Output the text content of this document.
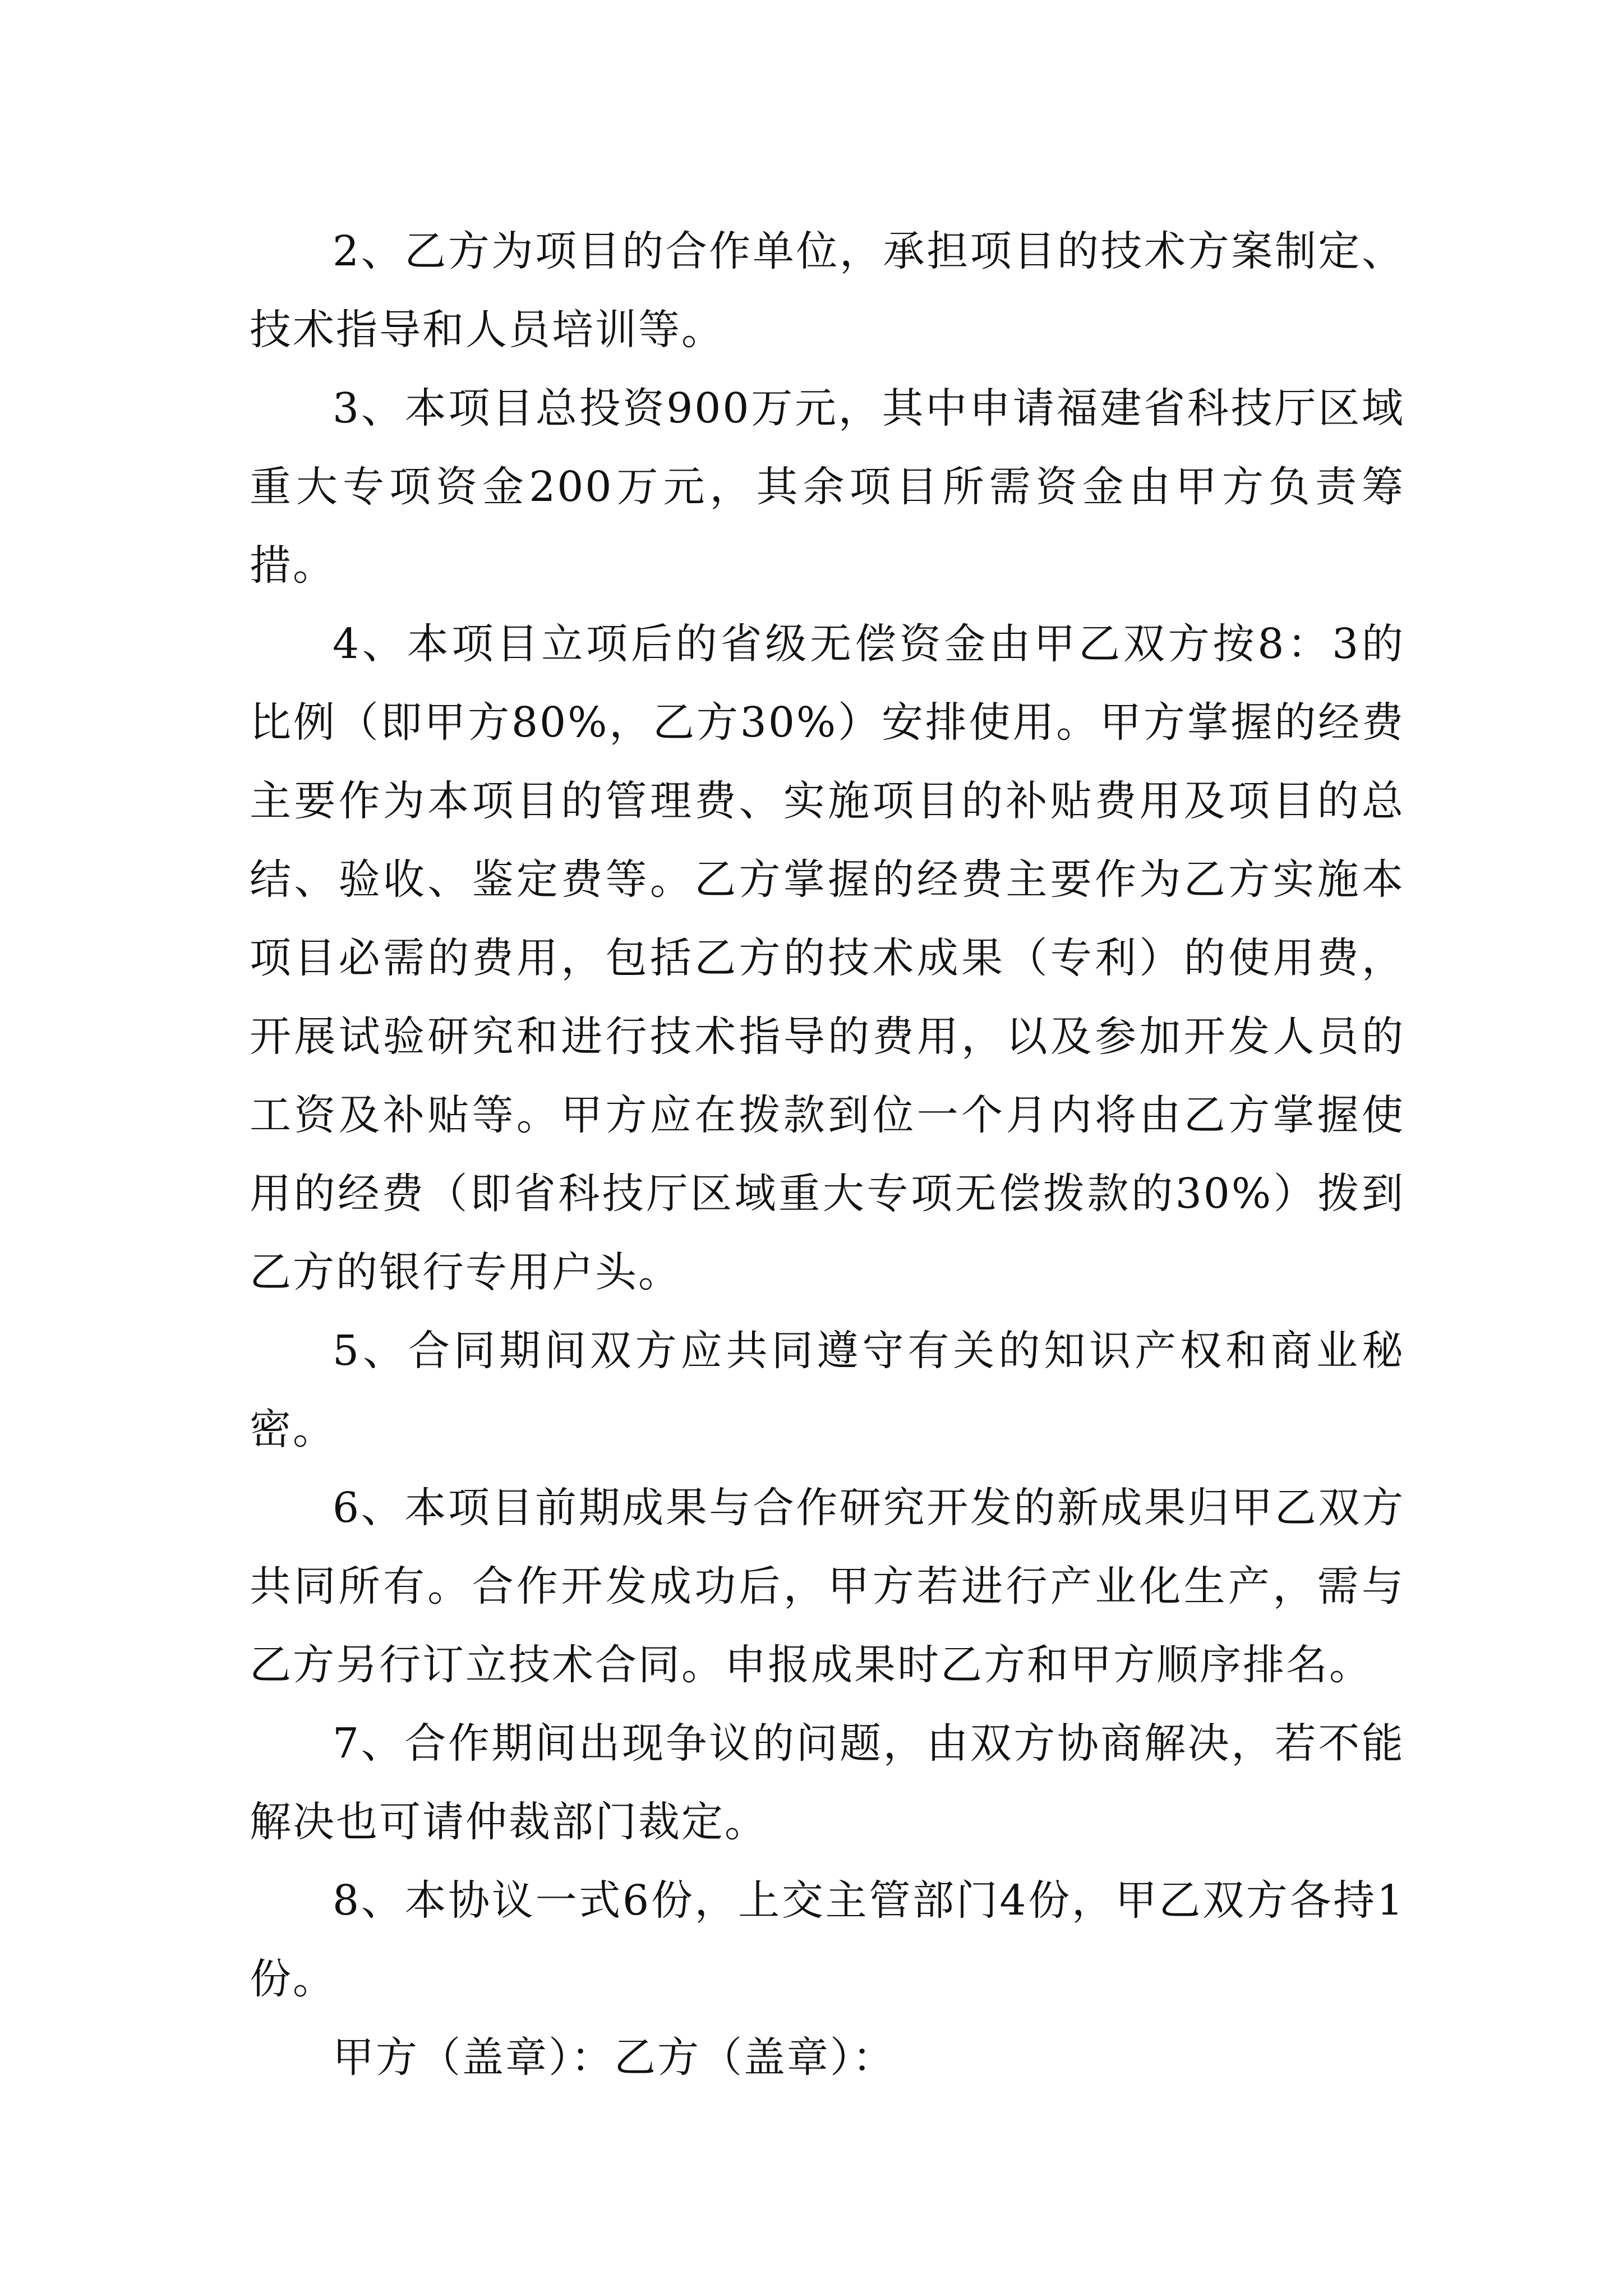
2、乙方为项目的合作单位，承担项目的技术方案制定、技术指导和人员培训等。

3、本项目总投资900万元，其中申请福建省科技厅区域重大专项资金200万元，其余项目所需资金由甲方负责筹措。

4、本项目立项后的省级无偿资金由甲乙双方按8：3的比例（即甲方80%，乙方30%）安排使用。甲方掌握的经费主要作为本项目的管理费、实施项目的补贴费用及项目的总结、验收、鉴定费等。乙方掌握的经费主要作为乙方实施本项目必需的费用，包括乙方的技术成果（专利）的使用费，开展试验研究和进行技术指导的费用，以及参加开发人员的工资及补贴等。甲方应在拨款到位一个月内将由乙方掌握使用的经费（即省科技厅区域重大专项无偿拨款的30%）拨到乙方的银行专用户头。

5、合同期间双方应共同遵守有关的知识产权和商业秘密。

6、本项目前期成果与合作研究开发的新成果归甲乙双方共同所有。合作开发成功后，甲方若进行产业化生产，需与乙方另行订立技术合同。申报成果时乙方和甲方顺序排名。

7、合作期间出现争议的问题，由双方协商解决，若不能解决也可请仲裁部门裁定。

8、本协议一式6份，上交主管部门4份，甲乙双方各持1份。

甲方（盖章）：乙方（盖章）：
